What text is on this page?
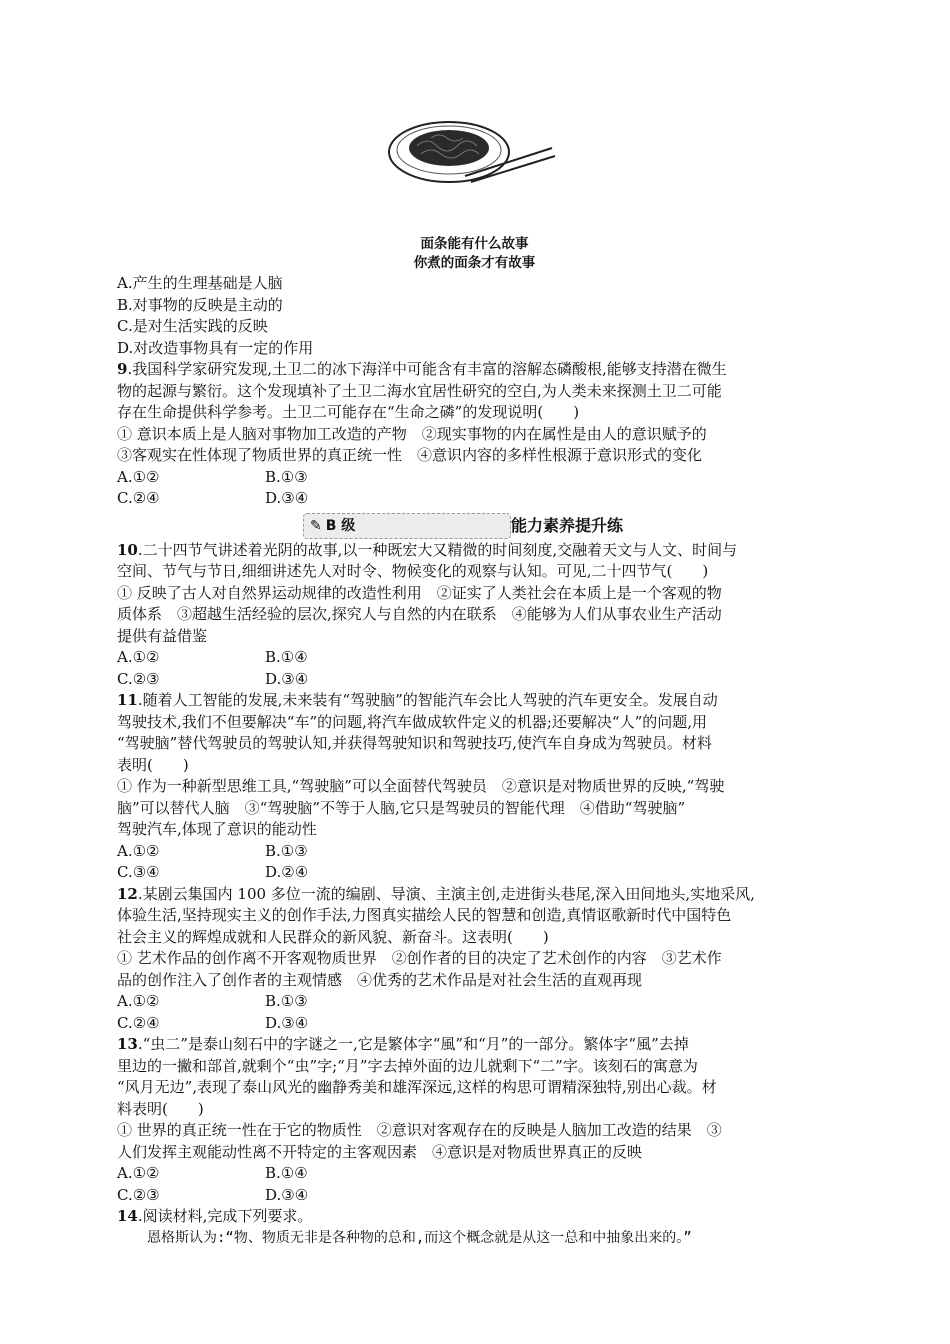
面条能有什么故事
你煮的面条才有故事
A.产生的生理基础是人脑
B.对事物的反映是主动的
C.是对生活实践的反映
D.对改造事物具有一定的作用
9.我国科学家研究发现,土卫二的冰下海洋中可能含有丰富的溶解态磷酸根,能够支持潜在微生
物的起源与繁衍。这个发现填补了土卫二海水宜居性研究的空白,为人类未来探测土卫二可能
存在生命提供科学参考。土卫二可能存在“生命之磷”的发现说明(　　)
① 意识本质上是人脑对事物加工改造的产物　②现实事物的内在属性是由人的意识赋予的
③客观实在性体现了物质世界的真正统一性　④意识内容的多样性根源于意识形式的变化
A.①②	B.①③
C.②④	D.③④
✎ B 级	能力素养提升练
10.二十四节气讲述着光阴的故事,以一种既宏大又精微的时间刻度,交融着天文与人文、时间与
空间、节气与节日,细细讲述先人对时令、物候变化的观察与认知。可见,二十四节气(　　)
① 反映了古人对自然界运动规律的改造性利用　②证实了人类社会在本质上是一个客观的物
质体系　③超越生活经验的层次,探究人与自然的内在联系　④能够为人们从事农业生产活动
提供有益借鉴
A.①②	B.①④
C.②③	D.③④
11.随着人工智能的发展,未来装有“驾驶脑”的智能汽车会比人驾驶的汽车更安全。发展自动
驾驶技术,我们不但要解决“车”的问题,将汽车做成软件定义的机器;还要解决“人”的问题,用
“驾驶脑”替代驾驶员的驾驶认知,并获得驾驶知识和驾驶技巧,使汽车自身成为驾驶员。材料
表明(　　)
① 作为一种新型思维工具,“驾驶脑”可以全面替代驾驶员　②意识是对物质世界的反映,“驾驶
脑”可以替代人脑　③“驾驶脑”不等于人脑,它只是驾驶员的智能代理　④借助“驾驶脑”
驾驶汽车,体现了意识的能动性
A.①②	B.①③
C.③④	D.②④
12.某剧云集国内 100 多位一流的编剧、导演、主演主创,走进街头巷尾,深入田间地头,实地采风,
体验生活,坚持现实主义的创作手法,力图真实描绘人民的智慧和创造,真情讴歌新时代中国特色
社会主义的辉煌成就和人民群众的新风貌、新奋斗。这表明(　　)
① 艺术作品的创作离不开客观物质世界　②创作者的目的决定了艺术创作的内容　③艺术作
品的创作注入了创作者的主观情感　④优秀的艺术作品是对社会生活的直观再现
A.①②	B.①③
C.②④	D.③④
13.“虫二”是泰山刻石中的字谜之一,它是繁体字“風”和“月”的一部分。繁体字“風”去掉
里边的一撇和部首,就剩个“虫”字;“月”字去掉外面的边儿就剩下“二”字。该刻石的寓意为
“风月无边”,表现了泰山风光的幽静秀美和雄浑深远,这样的构思可谓精深独特,别出心裁。材
料表明(　　)
① 世界的真正统一性在于它的物质性　②意识对客观存在的反映是人脑加工改造的结果　③
人们发挥主观能动性离不开特定的主客观因素　④意识是对物质世界真正的反映
A.①②	B.①④
C.②③	D.③④
14.阅读材料,完成下列要求。
恩格斯认为:“物、物质无非是各种物的总和,而这个概念就是从这一总和中抽象出来的。”
